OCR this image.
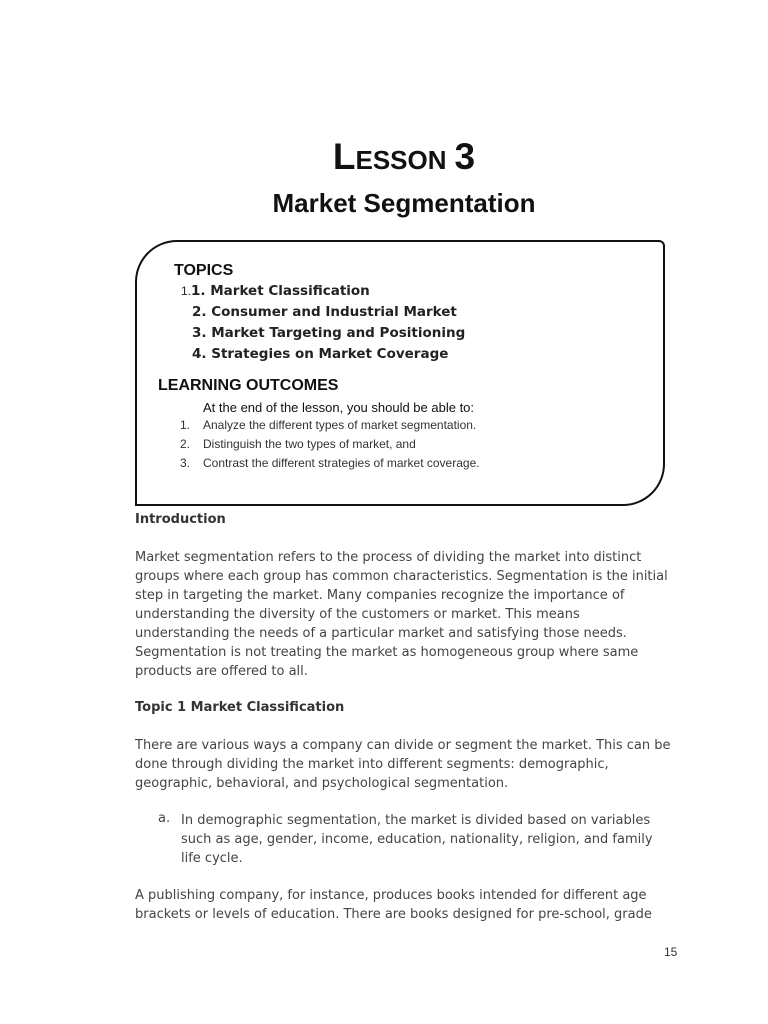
LESSON 3
Market Segmentation
TOPICS
1.1. Market Classification
2. Consumer and Industrial Market
3. Market Targeting and Positioning
4. Strategies on Market Coverage
LEARNING OUTCOMES
At the end of the lesson, you should be able to:
1. Analyze the different types of market segmentation.
2. Distinguish the two types of market, and
3. Contrast the different strategies of market coverage.
Introduction

Market segmentation refers to the process of dividing the market into distinct groups where each group has common characteristics. Segmentation is the initial step in targeting the market. Many companies recognize the importance of understanding the diversity of the customers or market. This means understanding the needs of a particular market and satisfying those needs. Segmentation is not treating the market as homogeneous group where same products are offered to all.

Topic 1 Market Classification

There are various ways a company can divide or segment the market. This can be done through dividing the market into different segments: demographic, geographic, behavioral, and psychological segmentation.

a. In demographic segmentation, the market is divided based on variables such as age, gender, income, education, nationality, religion, and family life cycle.

A publishing company, for instance, produces books intended for different age brackets or levels of education. There are books designed for pre-school, grade

15
